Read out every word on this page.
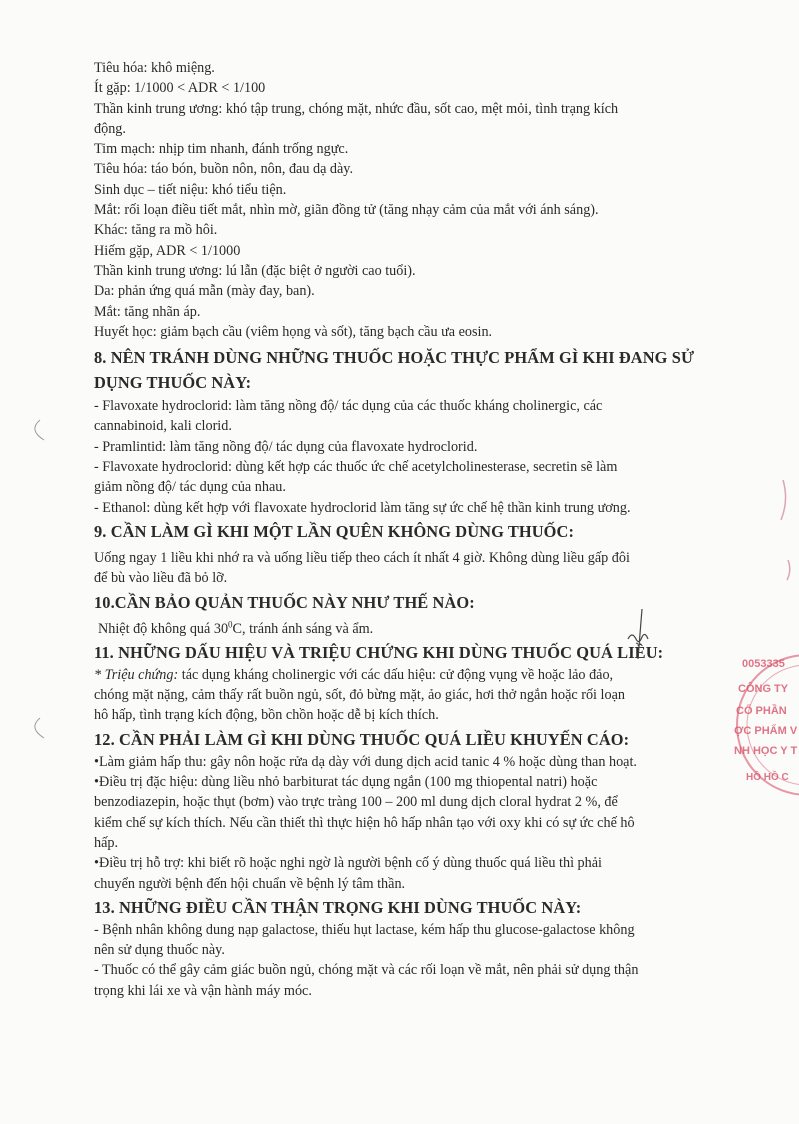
Tiêu hóa: khô miệng.
Ít gặp: 1/1000 < ADR < 1/100
Thần kinh trung ương: khó tập trung, chóng mặt, nhức đầu, sốt cao, mệt mỏi, tình trạng kích
động.
Tim mạch: nhịp tim nhanh, đánh trống ngực.
Tiêu hóa: táo bón, buồn nôn, nôn, đau dạ dày.
Sinh dục – tiết niệu: khó tiểu tiện.
Mắt: rối loạn điều tiết mắt, nhìn mờ, giãn đồng tử (tăng nhạy cảm của mắt với ánh sáng).
Khác: tăng ra mồ hôi.
Hiếm gặp, ADR < 1/1000
Thần kinh trung ương: lú lẫn (đặc biệt ở người cao tuổi).
Da: phản ứng quá mẫn (mày đay, ban).
Mắt: tăng nhãn áp.
Huyết học: giảm bạch cầu (viêm họng và sốt), tăng bạch cầu ưa eosin.
8. NÊN TRÁNH DÙNG NHỮNG THUỐC HOẶC THỰC PHẨM GÌ KHI ĐANG SỬ
DỤNG THUỐC NÀY:
- Flavoxate hydroclorid: làm tăng nồng độ/ tác dụng của các thuốc kháng cholinergic, các
cannabinoid, kali clorid.
- Pramlintid: làm tăng nồng độ/ tác dụng của flavoxate hydroclorid.
- Flavoxate hydroclorid: dùng kết hợp các thuốc ức chế acetylcholinesterase, secretin sẽ làm
giảm nồng độ/ tác dụng của nhau.
- Ethanol: dùng kết hợp với flavoxate hydroclorid làm tăng sự ức chế hệ thần kinh trung ương.
9. CẦN LÀM GÌ KHI MỘT LẦN QUÊN KHÔNG DÙNG THUỐC:
Uống ngay 1 liều khi nhớ ra và uống liều tiếp theo cách ít nhất 4 giờ. Không dùng liều gấp đôi
để bù vào liều đã bỏ lỡ.
10.CẦN BẢO QUẢN THUỐC NÀY NHƯ THẾ NÀO:
Nhiệt độ không quá $30^0C$, tránh ánh sáng và ẩm.
11. NHỮNG DẤU HIỆU VÀ TRIỆU CHỨNG KHI DÙNG THUỐC QUÁ LIỀU:
* Triệu chứng: tác dụng kháng cholinergic với các dấu hiệu: cử động vụng về hoặc lảo đảo,
chóng mặt nặng, cảm thấy rất buồn ngủ, sốt, đỏ bừng mặt, ảo giác, hơi thở ngắn hoặc rối loạn
hô hấp, tình trạng kích động, bồn chồn hoặc dễ bị kích thích.
12. CẦN PHẢI LÀM GÌ KHI DÙNG THUỐC QUÁ LIỀU KHUYẾN CÁO:
•Làm giảm hấp thu: gây nôn hoặc rửa dạ dày với dung dịch acid tanic 4 % hoặc dùng than hoạt.
•Điều trị đặc hiệu: dùng liều nhỏ barbiturat tác dụng ngắn (100 mg thiopental natri) hoặc
benzodiazepin, hoặc thụt (bơm) vào trực tràng 100 – 200 ml dung dịch cloral hydrat 2 %, để
kiểm chế sự kích thích. Nếu cần thiết thì thực hiện hô hấp nhân tạo với oxy khi có sự ức chế hô
hấp.
•Điều trị hỗ trợ: khi biết rõ hoặc nghi ngờ là người bệnh cố ý dùng thuốc quá liều thì phải
chuyển người bệnh đến hội chuẩn về bệnh lý tâm thần.
13. NHỮNG ĐIỀU CẦN THẬN TRỌNG KHI DÙNG THUỐC NÀY:
- Bệnh nhân không dung nạp galactose, thiếu hụt lactase, kém hấp thu glucose-galactose không
nên sử dụng thuốc này.
- Thuốc có thể gây cảm giác buồn ngủ, chóng mặt và các rối loạn về mắt, nên phải sử dụng thận
trọng khi lái xe và vận hành máy móc.
0053335
CÔNG TY
CỔ PHẦN
ỢC PHẨM V
NH HỌC Y T
HỒ HỒ C
